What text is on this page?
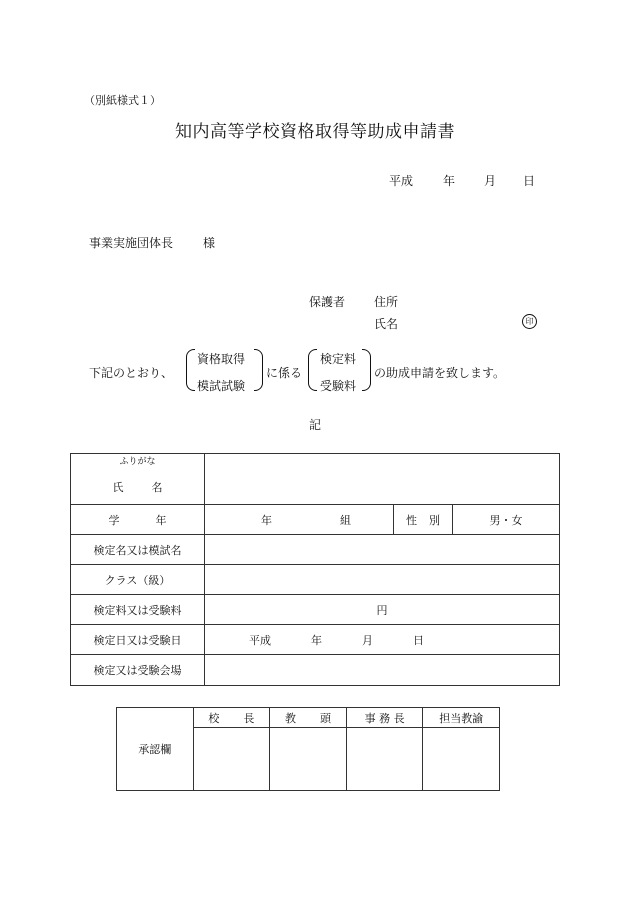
（別紙様式１）
知内高等学校資格取得等助成申請書
平成 年 月 日
事業実施団体長	様
保護者 住所
氏名	印
下記のとおり、
資格取得
模試試験
に係る
検定料
受験料
の助成申請を致します。
記
ふりがな
氏 名			

学 年	年 組	性 別	男・女
検定名又は模試名			
クラス（級）			
検定料又は受験料	円		
検定日又は受験日	平成 年 月 日		
検定又は受験会場			
承認欄	校 長	教 頭	事 務 長	担当教諭
